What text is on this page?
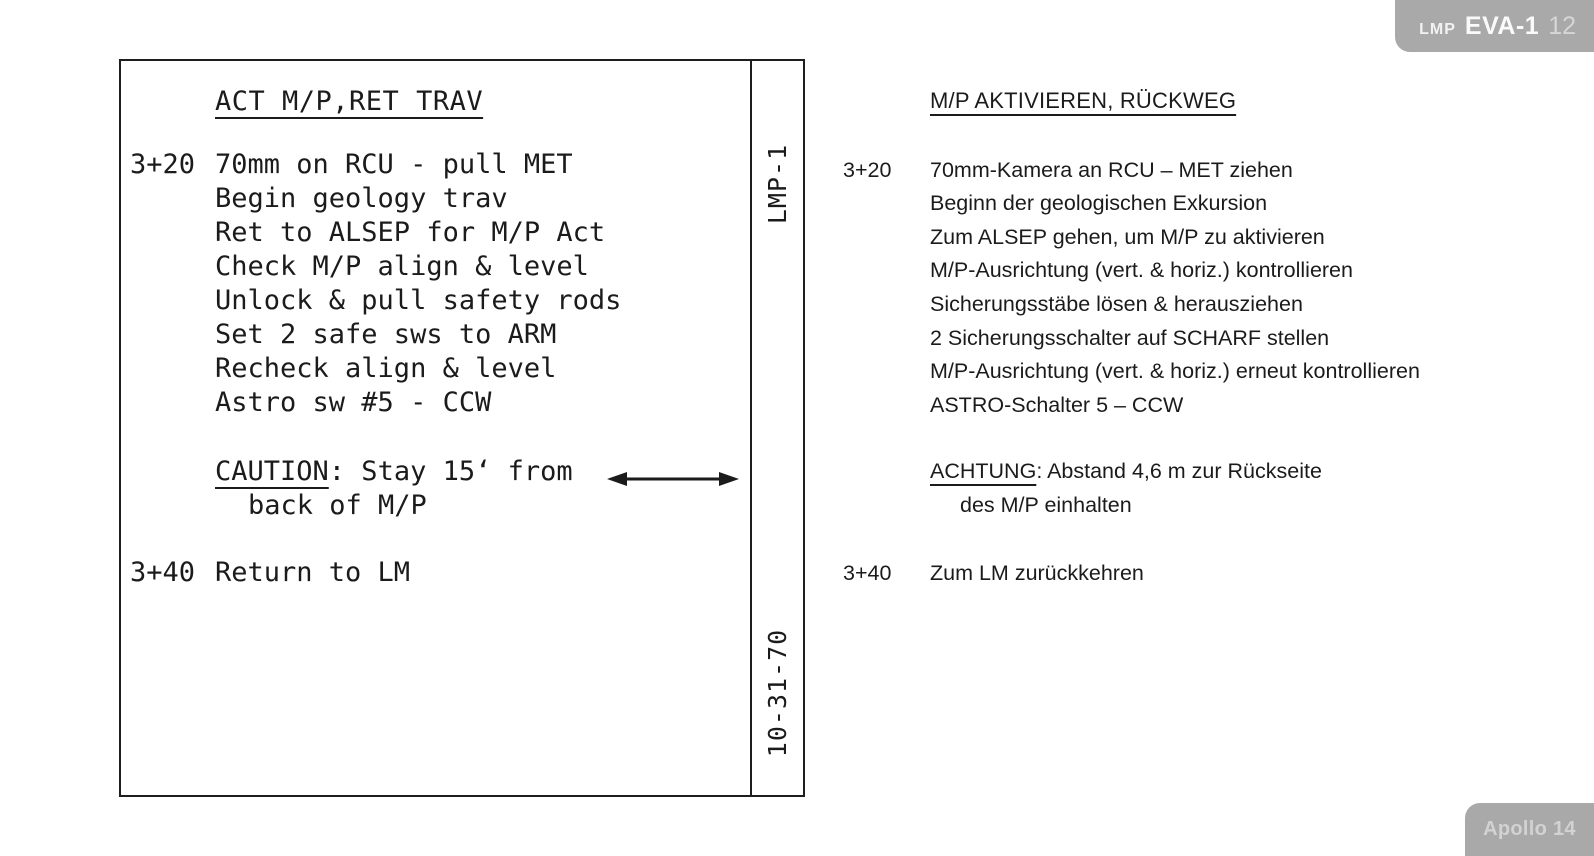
LMP EVA-1 12
ACT M/P,RET TRAV
3+20 70mm on RCU - pull MET
Begin geology trav
Ret to ALSEP for M/P Act
Check M/P align & level
Unlock & pull safety rods
Set 2 safe sws to ARM
Recheck align & level
Astro sw #5 - CCW
CAUTION: Stay 15‘ from
back of M/P
3+40 Return to LM
LMP-1
10-31-70
M/P AKTIVIEREN, RÜCKWEG
3+20	70mm-Kamera an RCU – MET ziehen
Beginn der geologischen Exkursion
Zum ALSEP gehen, um M/P zu aktivieren
M/P-Ausrichtung (vert. & horiz.) kontrollieren
Sicherungsstäbe lösen & herausziehen
2 Sicherungsschalter auf SCHARF stellen
M/P-Ausrichtung (vert. & horiz.) erneut kontrollieren
ASTRO-Schalter 5 – CCW
ACHTUNG: Abstand 4,6 m zur Rückseite
des M/P einhalten
3+40	Zum LM zurückkehren
Apollo 14
